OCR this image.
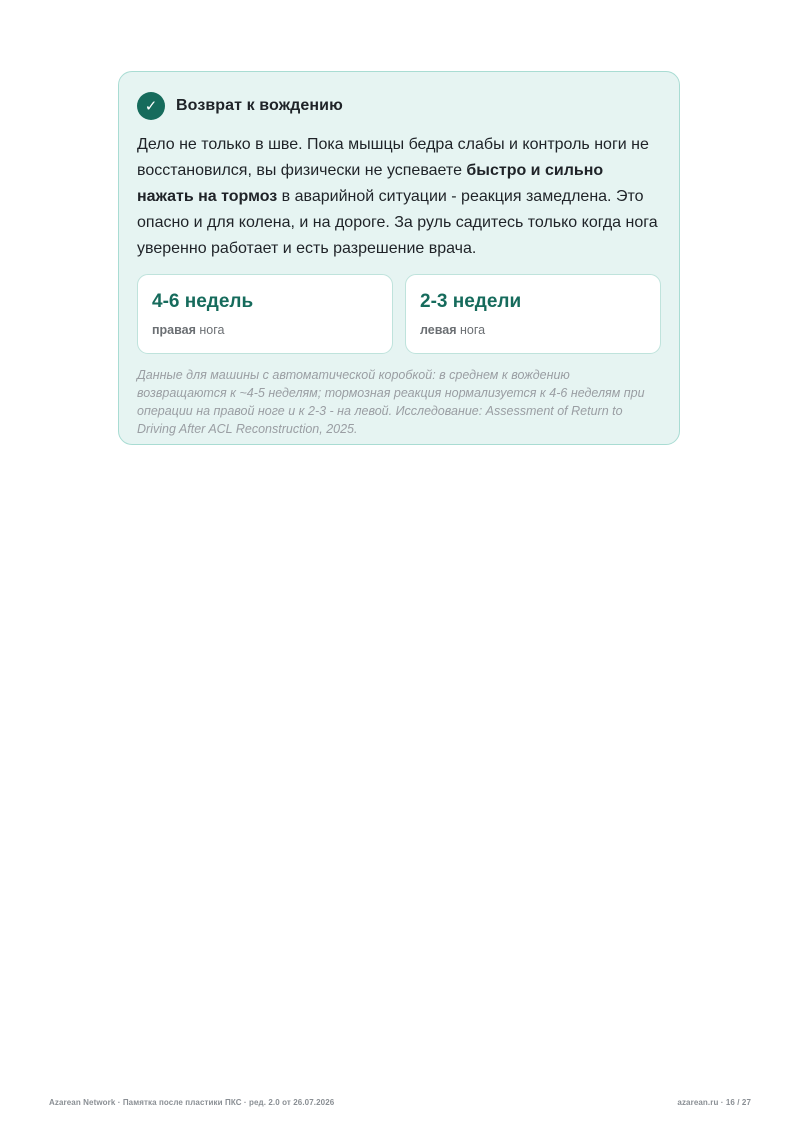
✓	Возврат к вождению
Дело не только в шве. Пока мышцы бедра слабы и контроль ноги не восстановился, вы физически не успеваете быстро и сильно нажать на тормоз в аварийной ситуации - реакция замедлена. Это опасно и для колена, и на дороге. За руль садитесь только когда нога уверенно работает и есть разрешение врача.
4-6 недель
правая нога
2-3 недели
левая нога
Данные для машины с автоматической коробкой: в среднем к вождению возвращаются к ~4-5 неделям; тормозная реакция нормализуется к 4-6 неделям при операции на правой ноге и к 2-3 - на левой. Исследование: Assessment of Return to Driving After ACL Reconstruction, 2025.
Azarean Network · Памятка после пластики ПКС · ред. 2.0 от 26.07.2026	azarean.ru · 16 / 27
